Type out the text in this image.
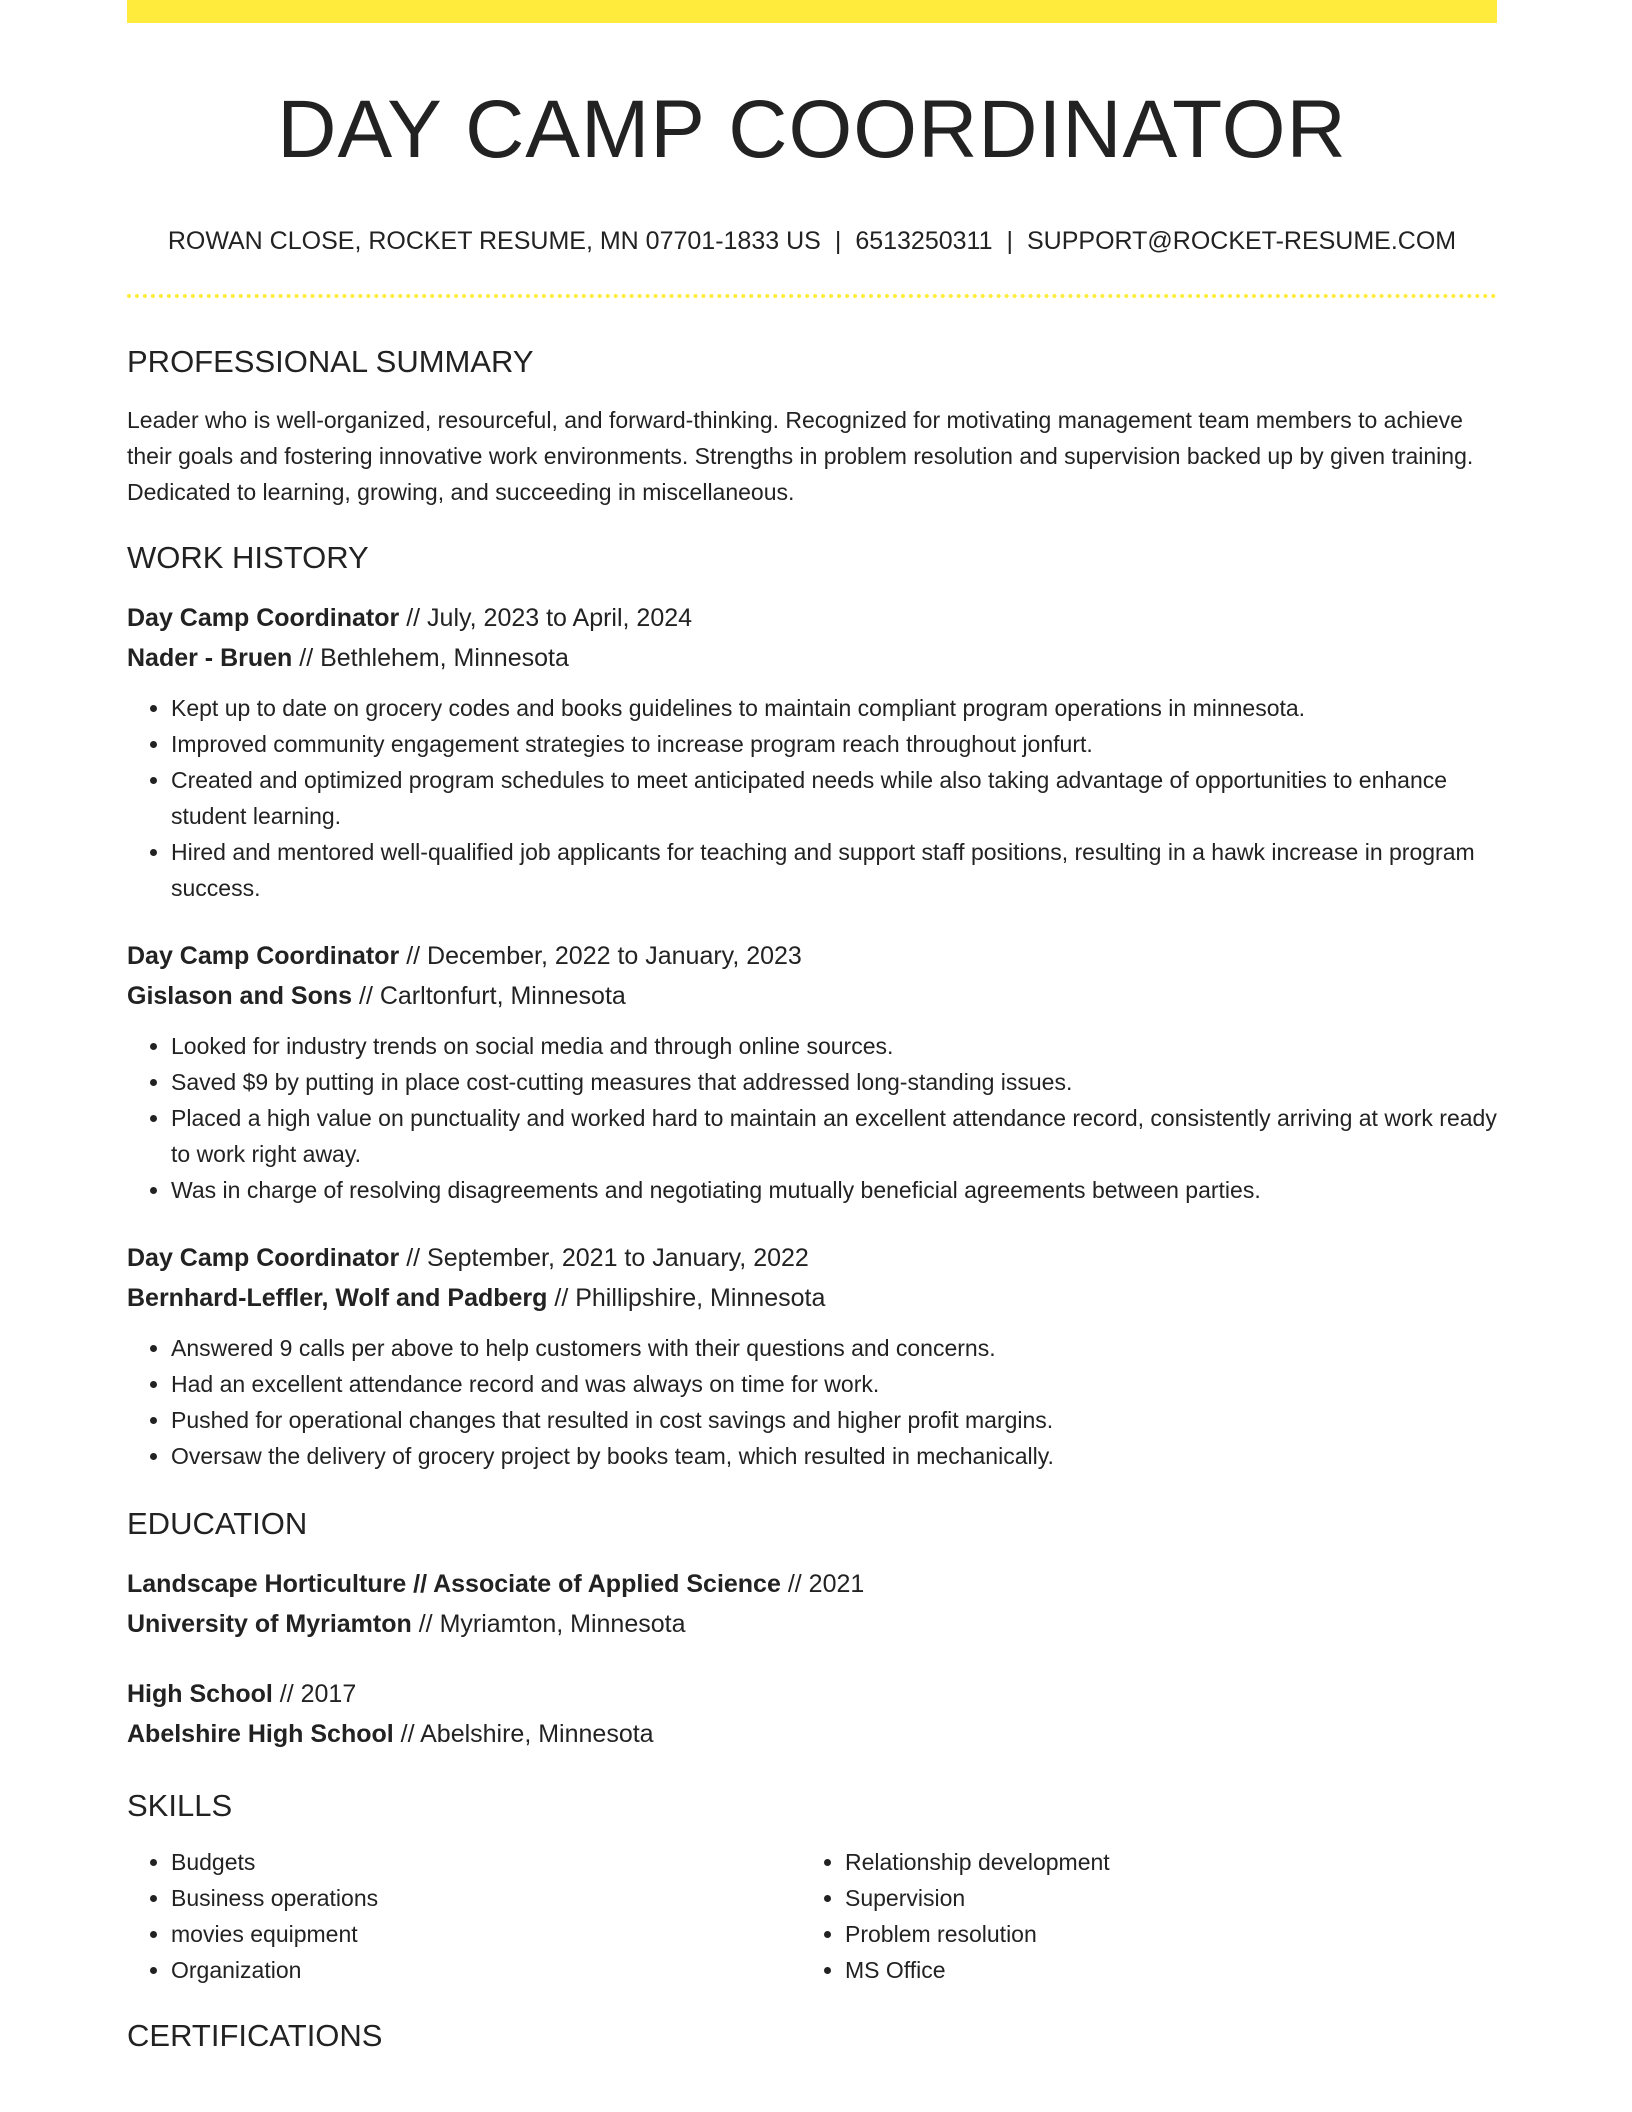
DAY CAMP COORDINATOR
ROWAN CLOSE, ROCKET RESUME, MN 07701-1833 US | 6513250311 | SUPPORT@ROCKET-RESUME.COM
PROFESSIONAL SUMMARY

Leader who is well-organized, resourceful, and forward-thinking. Recognized for motivating management team members to achieve their goals and fostering innovative work environments. Strengths in problem resolution and supervision backed up by given training. Dedicated to learning, growing, and succeeding in miscellaneous.

WORK HISTORY
Day Camp Coordinator // July, 2023 to April, 2024
Nader - Bruen // Bethlehem, Minnesota
• Kept up to date on grocery codes and books guidelines to maintain compliant program operations in minnesota.
• Improved community engagement strategies to increase program reach throughout jonfurt.
• Created and optimized program schedules to meet anticipated needs while also taking advantage of opportunities to enhance student learning.
• Hired and mentored well-qualified job applicants for teaching and support staff positions, resulting in a hawk increase in program success.
Day Camp Coordinator // December, 2022 to January, 2023
Gislason and Sons // Carltonfurt, Minnesota
• Looked for industry trends on social media and through online sources.
• Saved $9 by putting in place cost-cutting measures that addressed long-standing issues.
• Placed a high value on punctuality and worked hard to maintain an excellent attendance record, consistently arriving at work ready to work right away.
• Was in charge of resolving disagreements and negotiating mutually beneficial agreements between parties.
Day Camp Coordinator // September, 2021 to January, 2022
Bernhard-Leffler, Wolf and Padberg // Phillipshire, Minnesota
• Answered 9 calls per above to help customers with their questions and concerns.
• Had an excellent attendance record and was always on time for work.
• Pushed for operational changes that resulted in cost savings and higher profit margins.
• Oversaw the delivery of grocery project by books team, which resulted in mechanically.
EDUCATION
Landscape Horticulture // Associate of Applied Science // 2021
University of Myriamton // Myriamton, Minnesota
High School // 2017
Abelshire High School // Abelshire, Minnesota
SKILLS
• Budgets
• Business operations
• movies equipment
• Organization
• Relationship development
• Supervision
• Problem resolution
• MS Office
CERTIFICATIONS
